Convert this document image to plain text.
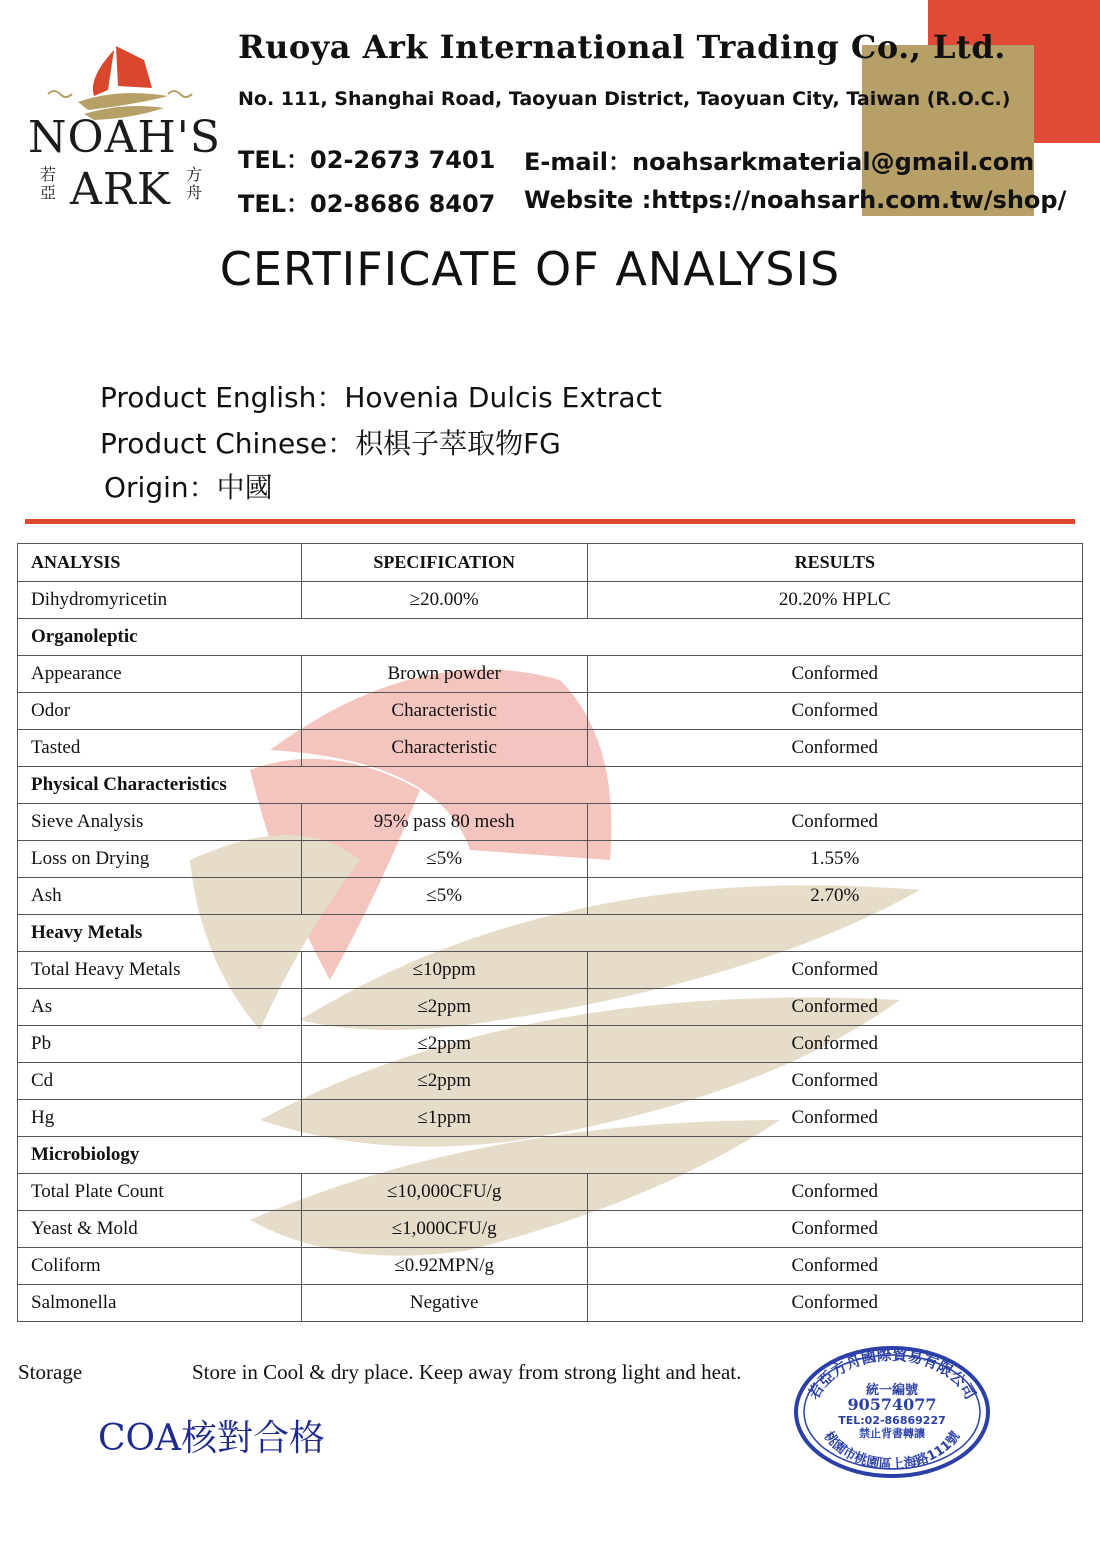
NOAH'S
ARK
若亞
方舟
Ruoya Ark International Trading Co., Ltd.
No. 111, Shanghai Road, Taoyuan District, Taoyuan City, Taiwan (R.O.C.)
TEL：02-2673 7401
TEL：02-8686 8407
E-mail：noahsarkmaterial@gmail.com
Website :https://noahsarh.com.tw/shop/
CERTIFICATE OF ANALYSIS
Product English：Hovenia Dulcis Extract
Product Chinese：枳椇子萃取物FG
Origin：中國
ANALYSIS	SPECIFICATION	RESULTS
Dihydromyricetin	≥20.00%	20.20% HPLC
Organoleptic		
Appearance	Brown powder	Conformed
Odor	Characteristic	Conformed
Tasted	Characteristic	Conformed
Physical Characteristics		
Sieve Analysis	95% pass 80 mesh	Conformed
Loss on Drying	≤5%	1.55%
Ash	≤5%	2.70%
Heavy Metals		
Total Heavy Metals	≤10ppm	Conformed
As	≤2ppm	Conformed
Pb	≤2ppm	Conformed
Cd	≤2ppm	Conformed
Hg	≤1ppm	Conformed
Microbiology		
Total Plate Count	≤10,000CFU/g	Conformed
Yeast & Mold	≤1,000CFU/g	Conformed
Coliform	≤0.92MPN/g	Conformed
Salmonella	Negative	Conformed
Storage	Store in Cool & dry place. Keep away from strong light and heat.
COA核對合格
若亞方舟國際貿易有限公司
桃園市桃園區上海路111號
統一編號
90574077
TEL:02-86869227
禁止背書轉讓
